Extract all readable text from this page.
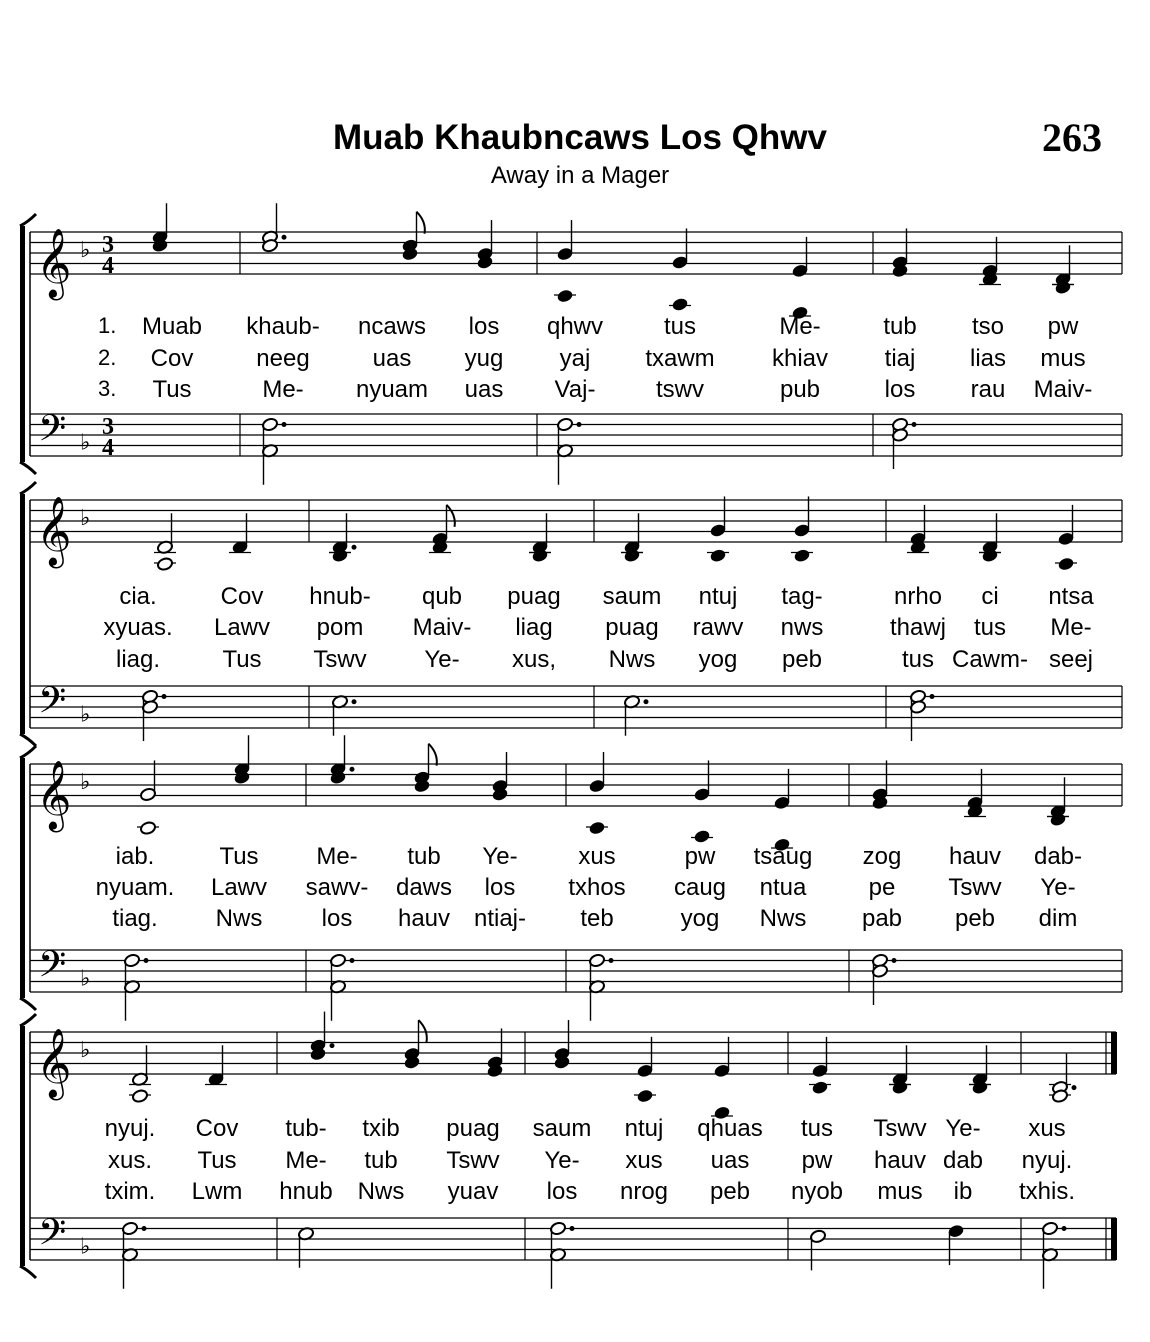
Muab Khaubncaws Los Qhwv
Away in a Mager
263
𝄞
𝄢
♭
♭
3
4
3
4
𝄞
𝄢
♭
♭
𝄞
𝄢
♭
♭
𝄞
𝄢
♭
♭
1. Muab khaub- ncaws los qhwv	tus	Me-	tub tso pw
2. Cov	neeg	uas yug yaj txawm khiav tiaj lias mus
3. Tus	Me- nyuam uas Vaj-	tswv	pub	los rau Maiv-
cia.	Cov hnub- qub puag saum ntuj tag-	nrho ci ntsa
xyuas. Lawv pom Maiv- liag puag rawv nws	thawj tus Me-
liag.	Tus Tswv Ye- xus, Nws yog peb	tus Cawm- seej
iab.	Tus Me- tub Ye-	xus	pw tsaug zog hauv dab-
nyuam. Lawv sawv- daws los txhos caug ntua	pe Tswv Ye-
tiag. Nws los hauv ntiaj- teb	yog Nws pab peb dim
nyuj. Cov tub- txib puag saum ntuj qhuas tus Tswv Ye- xus
xus. Tus Me- tub Tswv Ye- xus uas pw hauv dab nyuj.
txim. Lwm hnub Nws yuav los nrog peb nyob mus ib txhis.
